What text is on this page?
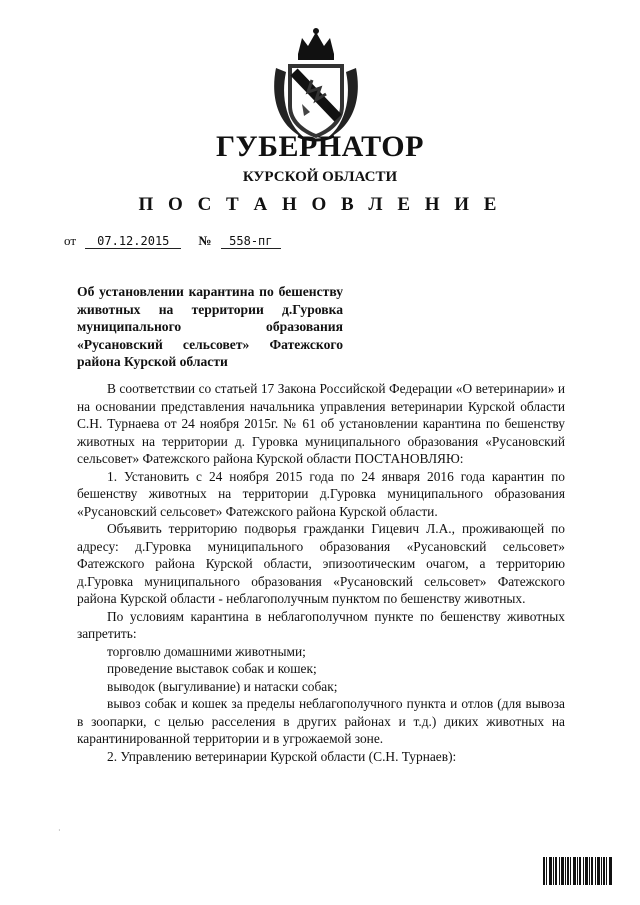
ГУБЕРНАТОР
КУРСКОЙ ОБЛАСТИ
П О С Т А Н О В Л Е Н И Е
от 07.12.2015 № 558-пг
Об установлении карантина по бешенству животных на территории д.Гуровка муниципального образования «Русановский сельсовет» Фатежского района Курской области

В соответствии со статьей 17 Закона Российской Федерации «О ветеринарии» и на основании представления начальника управления ветеринарии Курской области С.Н. Турнаева от 24 ноября 2015г. № 61 об установлении карантина по бешенству животных на территории д. Гуровка муниципального образования «Русановский сельсовет» Фатежского района Курской области ПОСТАНОВЛЯЮ:

1. Установить с 24 ноября 2015 года по 24 января 2016 года карантин по бешенству животных на территории д.Гуровка муниципального образования «Русановский сельсовет» Фатежского района Курской области.

Объявить территорию подворья гражданки Гицевич Л.А., проживающей по адресу: д.Гуровка муниципального образования «Русановский сельсовет» Фатежского района Курской области, эпизоотическим очагом, а территорию д.Гуровка муниципального образования «Русановский сельсовет» Фатежского района Курской области - неблагополучным пунктом по бешенству животных.

По условиям карантина в неблагополучном пункте по бешенству животных запретить:

торговлю домашними животными;

проведение выставок собак и кошек;

выводок (выгуливание) и натаски собак;

вывоз собак и кошек за пределы неблагополучного пункта и отлов (для вывоза в зоопарки, с целью расселения в других районах и т.д.) диких животных на карантинированной территории и в угрожаемой зоне.

2. Управлению ветеринарии Курской области (С.Н. Турнаев):

·
